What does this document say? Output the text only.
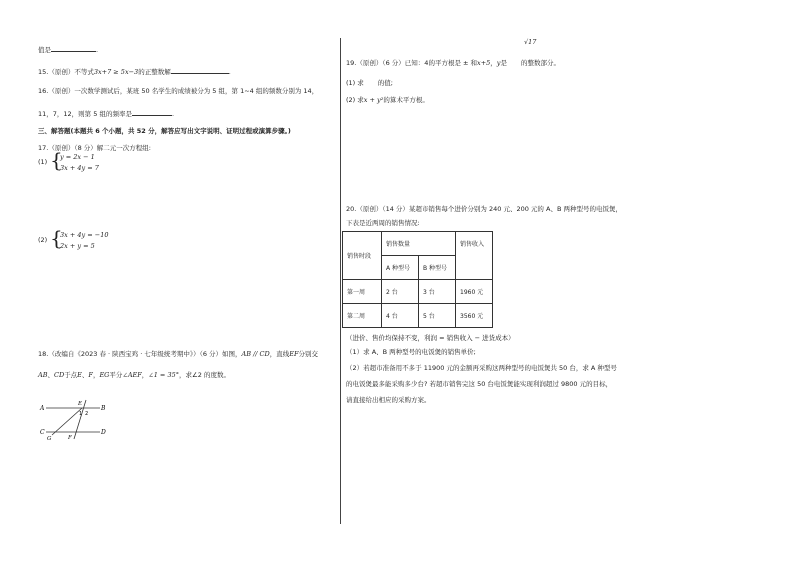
值是	.
15.（原创）不等式3x+7 ≥ 5x−3的正整数解	.
16.（原创）一次数学测试后，某班 50 名学生的成绩被分为 5 组，第 1~4 组的频数分别为 14，
11，7，12，则第 5 组的频率是	.
三、解答题(本题共 6 个小题，共 52 分，解答应写出文字说明、证明过程或演算步骤。)
17.（原创）（8 分）解二元一次方程组:
(1) {
y = 2x − 1
3x + 4y = 7
(2) {
3x + 4y = −10
2x + y = 5
18.（改编自《2023 春 · 陕西宝鸡 · 七年级统考期中》）（6 分）如图，AB // CD，直线EF分别交
AB、CD于点E、F，EG平分∠AEF，∠1 = 35°，求∠2 的度数。
A	B
C	D
E
F
G
1 2
√17
19.（原创）（6 分）已知：4的平方根是 ± 和x+5，y是 的整数部分。
(1) 求 的值;
(2) 求x + y²的算术平方根。
20.（原创）（14 分）某超市销售每个进价分别为 240 元、200 元的 A、B 两种型号的电饭煲，
下表是近两周的销售情况:
销售时段	销售数量		销售收入
	A 种型号	B 种型号	
第一周	2 台	3 台	1960 元
第二周	4 台	5 台	3560 元
（进价、售价均保持不变，利润 = 销售收入 − 进货成本）
（1）求 A、B 两种型号的电饭煲的销售单价;
（2）若超市准备用不多于 11900 元的金额再采购这两种型号的电饭煲共 50 台，求 A 种型号
的电饭煲最多能采购多少台? 若超市销售完这 50 台电饭煲能实现利润超过 9800 元的目标，
请直接给出相应的采购方案。
